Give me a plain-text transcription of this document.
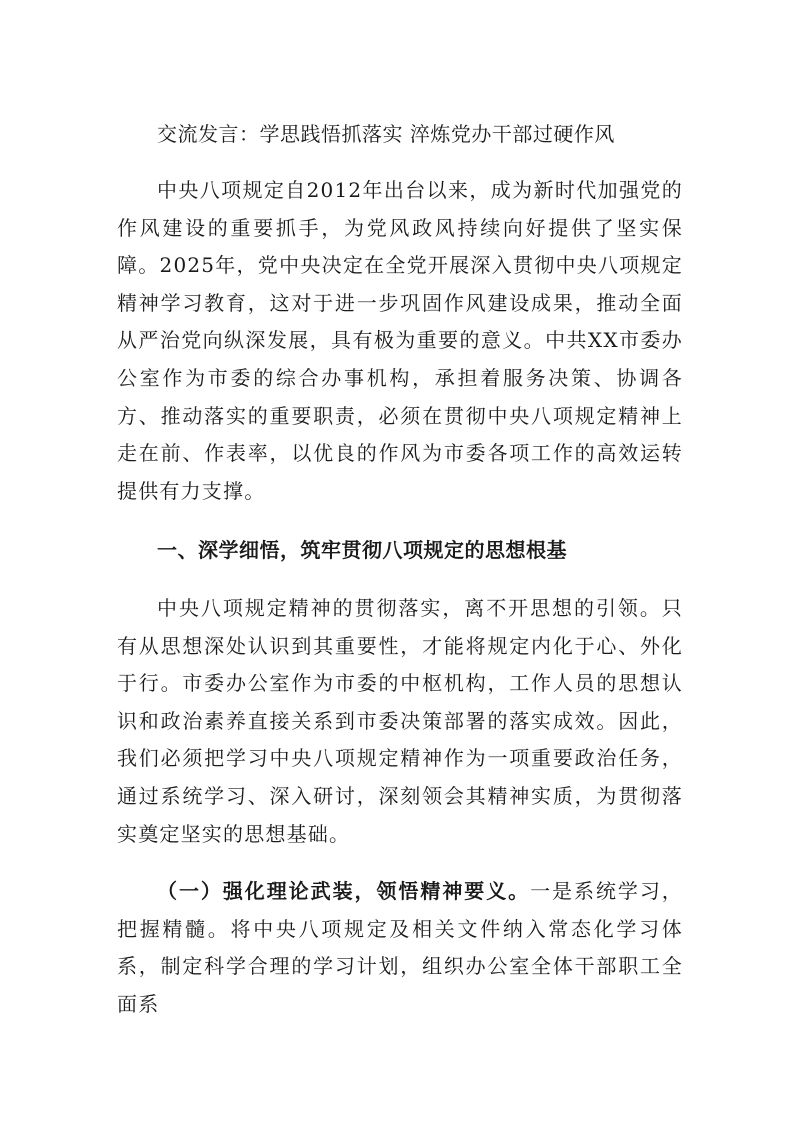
交流发言：学思践悟抓落实 淬炼党办干部过硬作风

中央八项规定自2012年出台以来，成为新时代加强党的作风建设的重要抓手，为党风政风持续向好提供了坚实保障。2025年，党中央决定在全党开展深入贯彻中央八项规定精神学习教育，这对于进一步巩固作风建设成果，推动全面从严治党向纵深发展，具有极为重要的意义。中共XX市委办公室作为市委的综合办事机构，承担着服务决策、协调各方、推动落实的重要职责，必须在贯彻中央八项规定精神上走在前、作表率，以优良的作风为市委各项工作的高效运转提供有力支撑。

一、深学细悟，筑牢贯彻八项规定的思想根基

中央八项规定精神的贯彻落实，离不开思想的引领。只有从思想深处认识到其重要性，才能将规定内化于心、外化于行。市委办公室作为市委的中枢机构，工作人员的思想认识和政治素养直接关系到市委决策部署的落实成效。因此，我们必须把学习中央八项规定精神作为一项重要政治任务，通过系统学习、深入研讨，深刻领会其精神实质，为贯彻落实奠定坚实的思想基础。

（一）强化理论武装，领悟精神要义。一是系统学习，把握精髓。将中央八项规定及相关文件纳入常态化学习体系，制定科学合理的学习计划，组织办公室全体干部职工全面系
